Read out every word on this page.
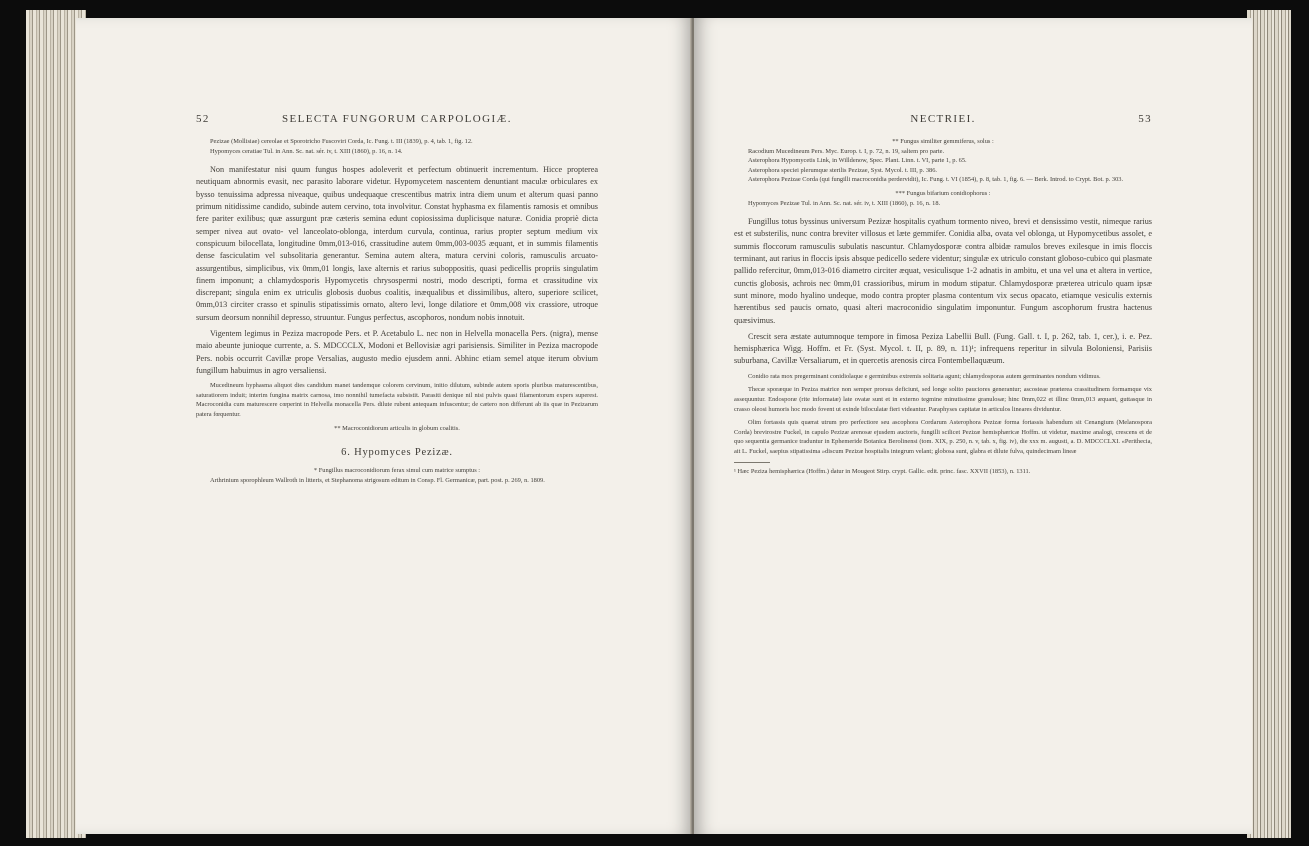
52	SELECTA FUNGORUM CARPOLOGIÆ.

Pezizae (Mollisiae) cereolae et Sporotricho Fuscoviri Corda, Ic. Fung. t. III (1839), p. 4, tab. 1, fig. 12.

Hypomyces ceratiae Tul. in Ann. Sc. nat. sér. iv, t. XIII (1860), p. 16, n. 14.

Non manifestatur nisi quum fungus hospes adoleverit et perfectum obtinuerit incrementum. Hicce propterea neutiquam abnormis evasit, nec parasito laborare videtur. Hypomycetem nascentem denuntiant maculæ orbiculares ex bysso tenuissima adpressa niveaque, quibus undequaque crescentibus matrix intra diem unum et alterum quasi panno primum nitidissime candido, subinde autem cervino, tota involvitur. Constat hyphasma ex filamentis ramosis et omnibus fere pariter exilibus; quæ assurgunt præ cæteris semina edunt copiosissima duplicisque naturæ. Conidia propriè dicta semper nivea aut ovato- vel lanceolato-oblonga, interdum curvula, continua, rarius propter septum medium vix conspicuum bilocellata, longitudine 0mm,013-016, crassitudine autem 0mm,003-0035 æquant, et in summis filamentis dense fasciculatim vel subsolitaria generantur. Semina autem altera, matura cervini coloris, ramusculis arcuato-assurgentibus, simplicibus, vix 0mm,01 longis, laxe alternis et rarius suboppositis, quasi pedicellis propriis singulatim finem imponunt; a chlamydosporis Hypomycetis chrysospermi nostri, modo descripti, forma et crassitudine vix discrepant; singula enim ex utriculis globosis duobus coalitis, inæqualibus et dissimilibus, altero, superiore scilicet, 0mm,013 circiter crasso et spinulis stipatissimis ornato, altero levi, longe dilatiore et 0mm,008 vix crassiore, utroque sursum deorsum nonnihil depresso, struuntur. Fungus perfectus, ascophoros, nondum nobis innotuit.

Vigentem legimus in Peziza macropode Pers. et P. Acetabulo L. nec non in Helvella monacella Pers. (nigra), mense maio abeunte junioque currente, a. S. MDCCCLX, Modoni et Bellovisiæ agri parisiensis. Similiter in Peziza macropode Pers. nobis occurrit Cavillæ prope Versalias, augusto medio ejusdem anni. Abhinc etiam semel atque iterum obvium fungillum habuimus in agro versaliensi.

Mucedineum hyphasma aliquot dies candidum manet tandemque colorem cervinum, initio dilutum, subinde autem sporis pluribus maturescentibus, saturatiorem induit; interim fungina matrix carnosa, imo nonnihil tumefacta subsistit. Parasiti denique nil nisi pulvis quasi filamentorum expers superest. Macroconidia cum maturescere cœperint in Helvella monacella Pers. dilute rubent antequam infuscentur; de cætero non differunt ab iis quæ in Pezizarum patera fœquentur.

** Macroconidiorum articulis in globum coalitis.

6. Hypomyces Pezizæ.

* Fungillus macroconidiorum ferax simul cum matrice sumptus :

Arthrinium sporophleum Wallroth in litteris, et Stephanoma strigosum editum in Consp. Fl. Germanicæ, part. post. p. 269, n. 1809.

NECTRIEI.	53

** Fungus similiter gemmiferus, solus :

Racodium Mucedineum Pers. Myc. Europ. t. I, p. 72, n. 19, saltem pro parte.

Asterophora Hypomycetis Link, in Willdenow, Spec. Plant. Linn. t. VI, parte 1, p. 65.

Asterophora speciei plerumque sterilis Pezizae, Syst. Mycol. t. III, p. 386.

Asterophora Pezizae Corda (qui fungilli macroconidia perdervidit), Ic. Fung. t. VI (1854), p. 8, tab. 1, fig. 6. — Berk. Introd. to Crypt. Bot. p. 303.

*** Fungus bifarium conidiophorus :

Hypomyces Pezizae Tul. in Ann. Sc. nat. sér. iv, t. XIII (1860), p. 16, n. 18.

Fungillus totus byssinus universum Pezizæ hospitalis cyathum tormento niveo, brevi et densissimo vestit, nimeque rarius est et substerilis, nunc contra breviter villosus et læte gemmifer. Conidia alba, ovata vel oblonga, ut Hypomycetibus assolet, e summis floccorum ramusculis subulatis nascuntur. Chlamydosporæ contra albidæ ramulos breves exilesque in imis floccis terminant, aut rarius in floccis ipsis absque pedicello sedere videntur; singulæ ex utriculo constant globoso-cubico qui plasmate pallido refercitur, 0mm,013-016 diametro circiter æquat, vesiculisque 1-2 adnatis in ambitu, et una vel una et altera in vertice, cunctis globosis, achrois nec 0mm,01 crassioribus, mirum in modum stipatur. Chlamydosporæ præterea utriculo quam ipsæ sunt minore, modo hyalino undeque, modo contra propter plasma contentum vix secus opacato, etiamque vesiculis externis hærentibus sed paucis ornato, quasi alteri macroconidio singulatim imponuntur. Fungum ascophorum frustra hactenus quæsivimus.

Crescit sera æstate autumnoque tempore in fimosa Peziza Labellii Bull. (Fung. Gall. t. I, p. 262, tab. 1, cer.), i. e. Pez. hemisphærica Wigg. Hoffm. et Fr. (Syst. Mycol. t. II, p. 89, n. 11)¹; infrequens reperitur in silvula Boloniensi, Parisiis suburbana, Cavillæ Versaliarum, et in quercetis arenosis circa Fontembellaquæum.

Conidio rata mox pregerminant conidiolaque e germinibus extremis solitaria agunt; chlamydosporas autem germinantes nondum vidimus.

Thecæ sporæque in Peziza matrice non semper prorsus deficiunt, sed longe solito pauciores generantur; ascosteae præterea crassitudinem formamque vix assequuntur. Endosporæ (rite informatæ) late ovatæ sunt et in externo tegmine minutissime granulosæ; hinc 0mm,022 et illinc 0mm,013 æquant, guttasque in crasso oleosi humoris hoc modo fovent ut exinde biloculatæ fieri videantur. Paraphyses capitatæ in articulos lineares dividuntur.

Olim fortassis quis quærat utrum pro perfectiore seu ascophora Cordarum Asterophora Pezizæ forma fortassis habendum sit Cenangium (Melanospora Corda) brevirostre Fuckel, in capulo Pezizæ arenosæ ejusdem auctoris, fungilli scilicet Pezizæ hemisphæricæ Hoffm. ut videtur, maxime analogi, crescens et de quo sequentia germanice traduntur in Ephemeride Botanica Berolinensi (tom. XIX, p. 250, n. v, tab. x, fig. iv), die xxx m. augusti, a. D. MDCCCLXI. «Perithecia, ait L. Fuckel, saepius stipatissima »discum Pezizæ hospitalis integrum velant; globosa sunt, glabra et dilute fulva, quindecimam lineæ

¹ Hæc Peziza hemisphærica (Hoffm.) datur in Mougeot Stirp. crypt. Gallic. edit. princ. fasc. XXVII (1853), n. 1311.
